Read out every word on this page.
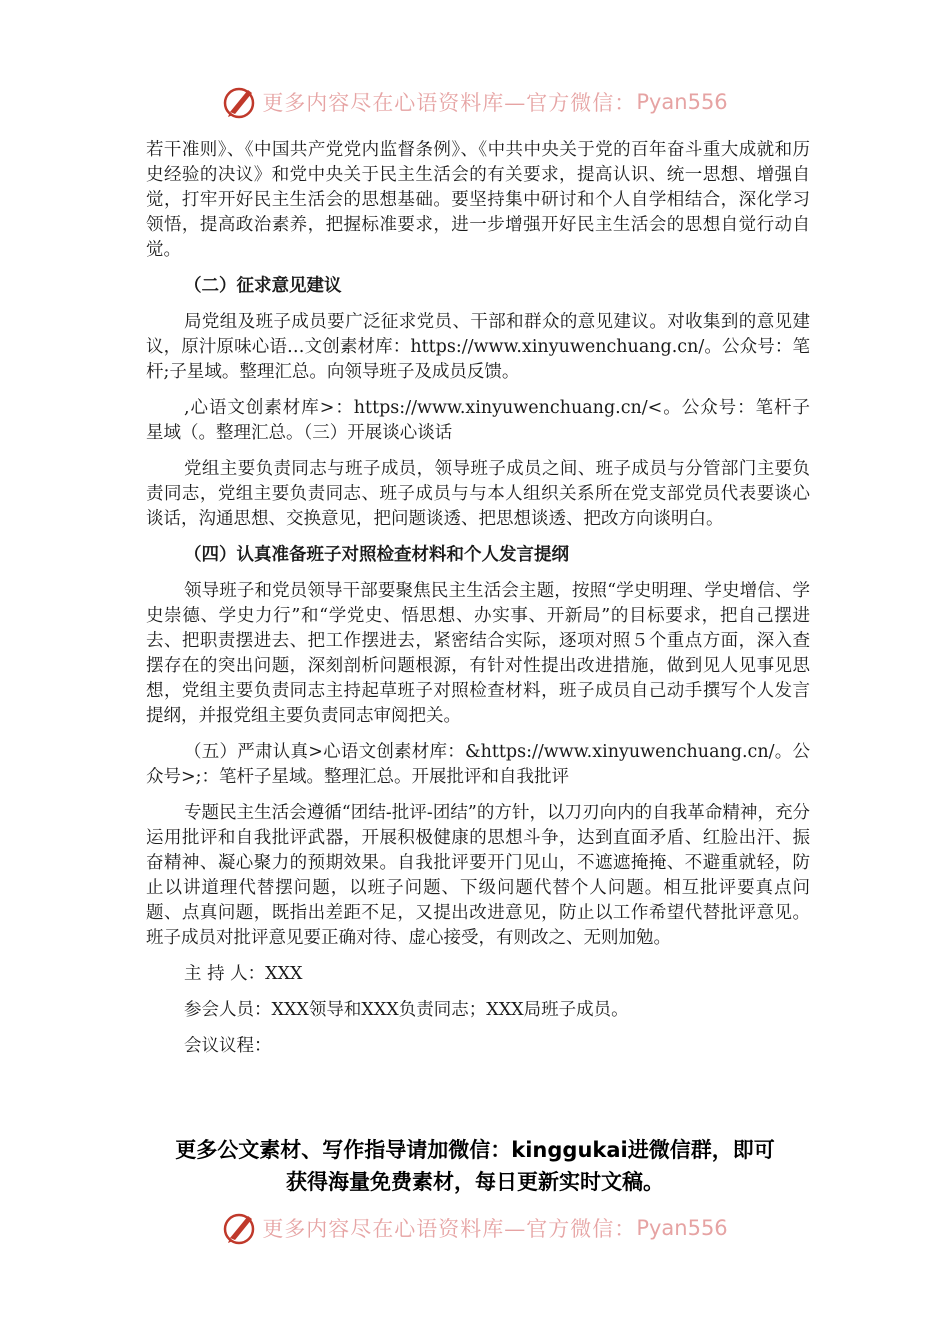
更多内容尽在心语资料库—官方微信： Pyan556

若干准则》、《中国共产党党内监督条例》、《中共中央关于党的百年奋斗重大成就和历史经验的决议》和党中央关于民主生活会的有关要求，提高认识、统一思想、增强自觉，打牢开好民主生活会的思想基础。要坚持集中研讨和个人自学相结合，深化学习领悟，提高政治素养，把握标准要求，进一步增强开好民主生活会的思想自觉行动自觉。

（二）征求意见建议

局党组及班子成员要广泛征求党员、干部和群众的意见建议。对收集到的意见建议，原汁原味心语…文创素材库：https://www.xinyuwenchuang.cn/。公众号：笔杆;子星域。整理汇总。向领导班子及成员反馈。

,心语文创素材库>：https://www.xinyuwenchuang.cn/<。公众号：笔杆子星域（。整理汇总。（三）开展谈心谈话

党组主要负责同志与班子成员，领导班子成员之间、班子成员与分管部门主要负责同志，党组主要负责同志、班子成员与与本人组织关系所在党支部党员代表要谈心谈话，沟通思想、交换意见，把问题谈透、把思想谈透、把改方向谈明白。

（四）认真准备班子对照检查材料和个人发言提纲

领导班子和党员领导干部要聚焦民主生活会主题，按照“学史明理、学史增信、学史崇德、学史力行”和“学党史、悟思想、办实事、开新局”的目标要求，把自己摆进去、把职责摆进去、把工作摆进去，紧密结合实际，逐项对照５个重点方面，深入查摆存在的突出问题，深刻剖析问题根源，有针对性提出改进措施，做到见人见事见思想，党组主要负责同志主持起草班子对照检查材料，班子成员自己动手撰写个人发言提纲，并报党组主要负责同志审阅把关。

（五）严肃认真>心语文创素材库：&https://www.xinyuwenchuang.cn/。公众号>;：笔杆子星域。整理汇总。开展批评和自我批评

专题民主生活会遵循“团结-批评-团结”的方针，以刀刃向内的自我革命精神，充分运用批评和自我批评武器，开展积极健康的思想斗争，达到直面矛盾、红脸出汗、振奋精神、凝心聚力的预期效果。自我批评要开门见山，不遮遮掩掩、不避重就轻，防止以讲道理代替摆问题，以班子问题、下级问题代替个人问题。相互批评要真点问题、点真问题，既指出差距不足，又提出改进意见，防止以工作希望代替批评意见。班子成员对批评意见要正确对待、虚心接受，有则改之、无则加勉。

主 持 人：XXX
参会人员：XXX领导和XXX负责同志；XXX局班子成员。
会议议程：
更多公文素材、写作指导请加微信：kinggukai进微信群，即可
获得海量免费素材，每日更新实时文稿。
更多内容尽在心语资料库—官方微信： Pyan556
